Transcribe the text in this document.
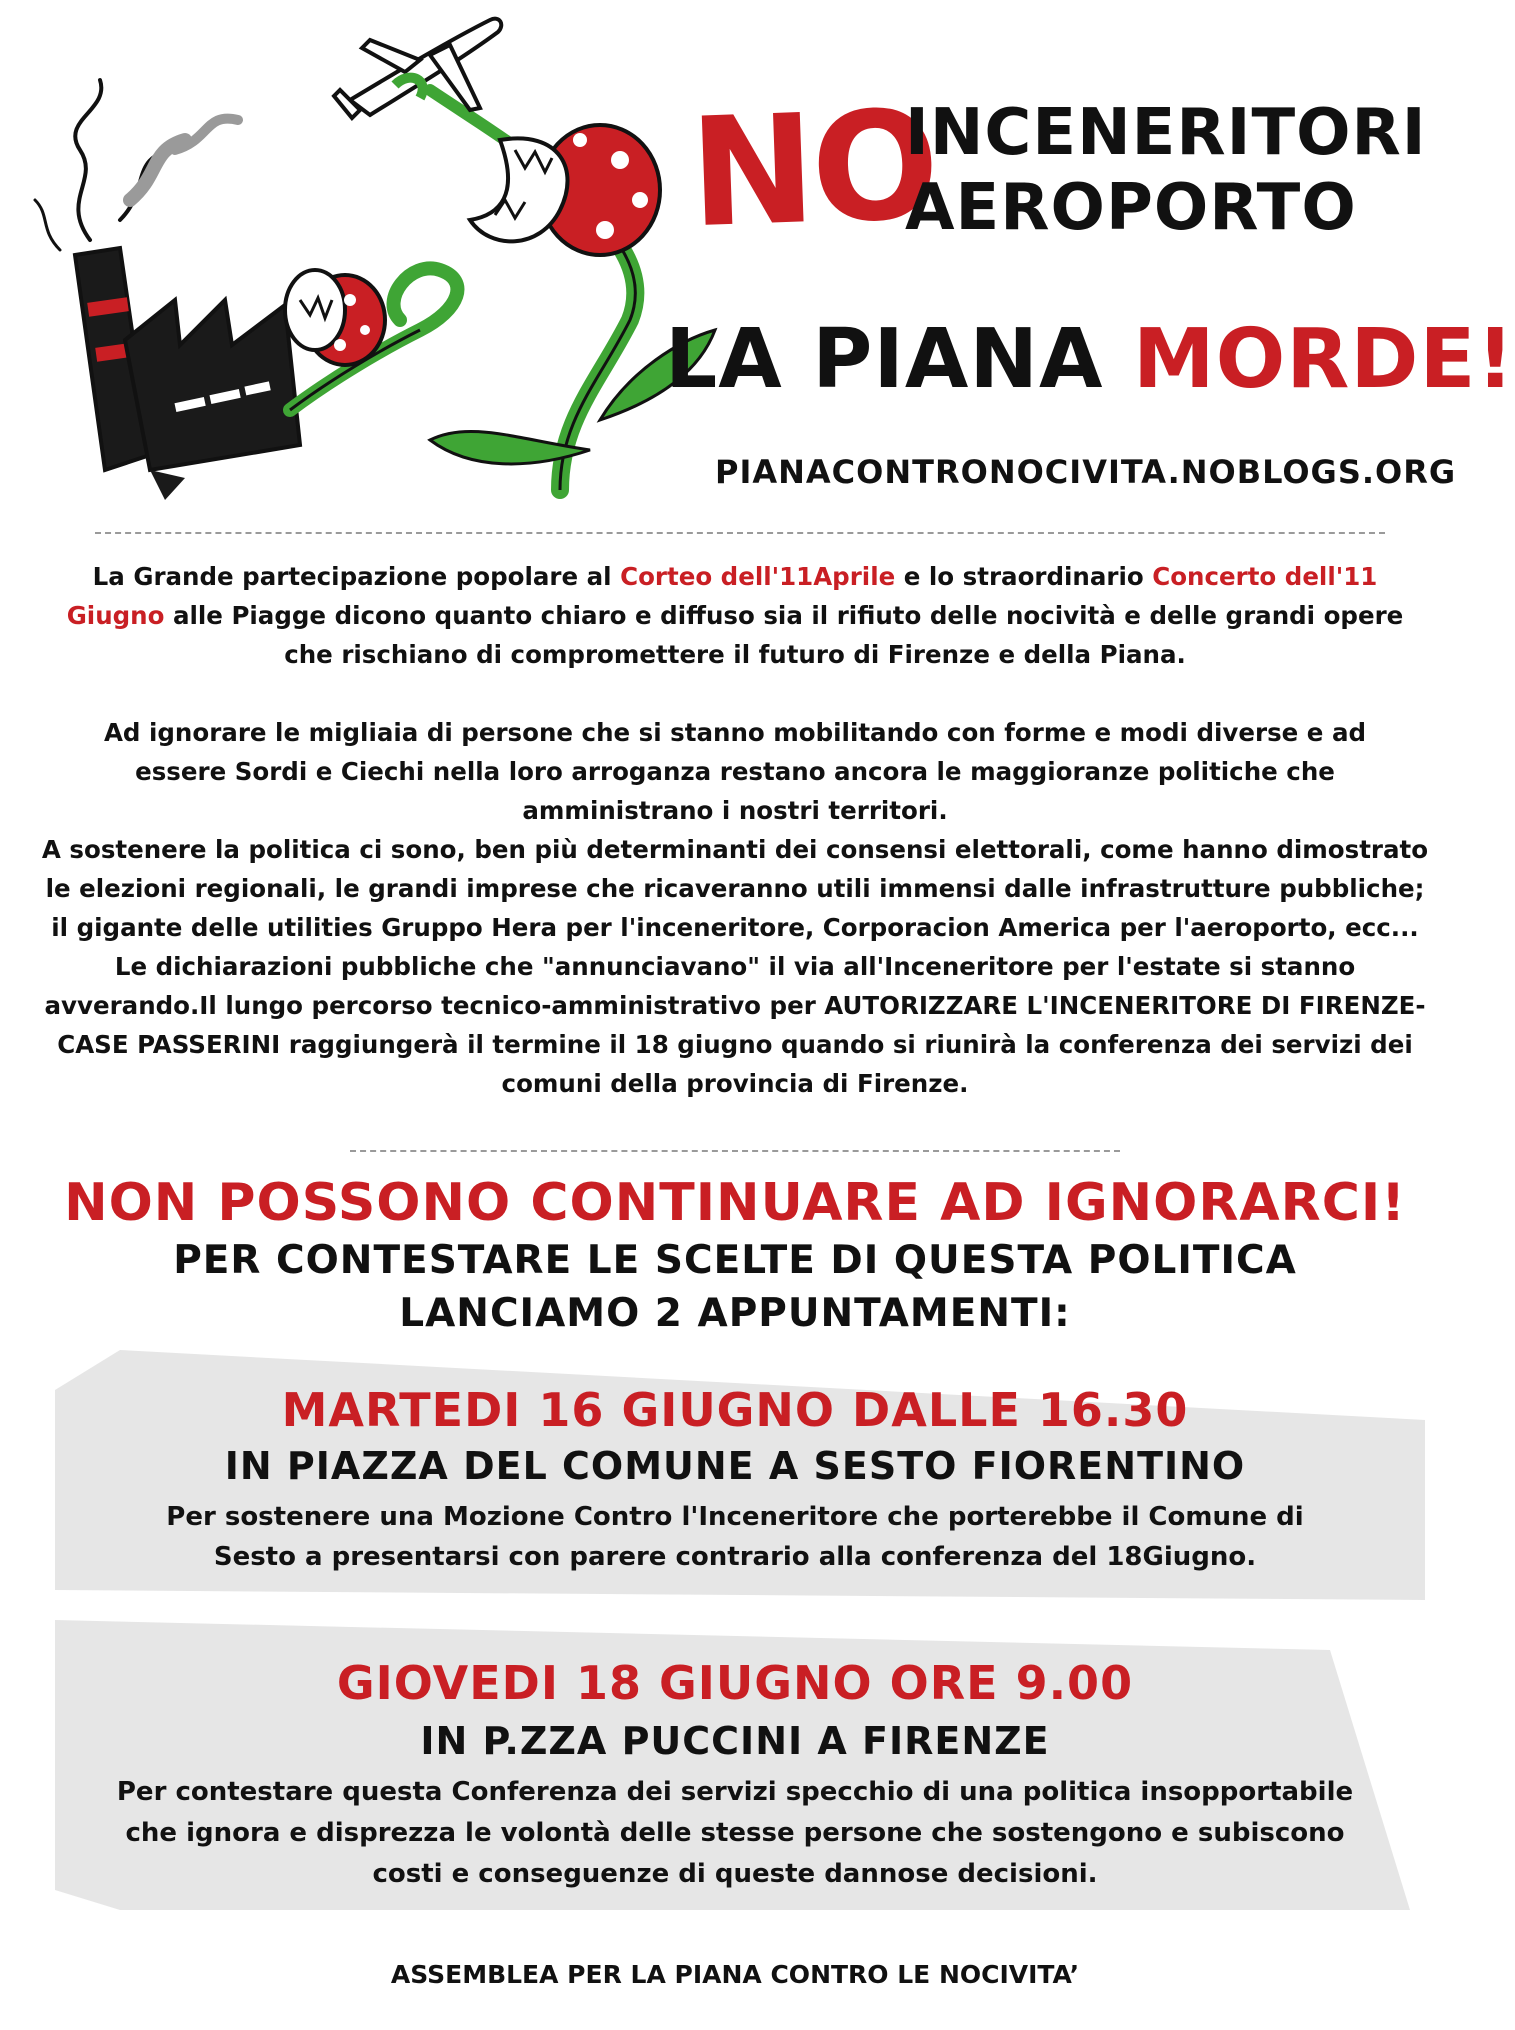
NO
INCENERITORI
AEROPORTO
LA PIANA MORDE!
PIANACONTRONOCIVITA.NOBLOGS.ORG

La Grande partecipazione popolare al Corteo dell'11Aprile e lo straordinario Concerto dell'11 Giugno alle Piagge dicono quanto chiaro e diffuso sia il rifiuto delle nocività e delle grandi opere che rischiano di compromettere il futuro di Firenze e della Piana.

Ad ignorare le migliaia di persone che si stanno mobilitando con forme e modi diverse e ad essere Sordi e Ciechi nella loro arroganza restano ancora le maggioranze politiche che amministrano i nostri territori.

A sostenere la politica ci sono, ben più determinanti dei consensi elettorali, come hanno dimostrato le elezioni regionali, le grandi imprese che ricaveranno utili immensi dalle infrastrutture pubbliche; il gigante delle utilities Gruppo Hera per l'inceneritore, Corporacion America per l'aeroporto, ecc...

Le dichiarazioni pubbliche che "annunciavano" il via all'Inceneritore per l'estate si stanno avverando.Il lungo percorso tecnico-amministrativo per AUTORIZZARE L'INCENERITORE DI FIRENZE-CASE PASSERINI raggiungerà il termine il 18 giugno quando si riunirà la conferenza dei servizi dei comuni della provincia di Firenze.

NON POSSONO CONTINUARE AD IGNORARCI!
PER CONTESTARE LE SCELTE DI QUESTA POLITICA
LANCIAMO 2 APPUNTAMENTI:
MARTEDI 16 GIUGNO DALLE 16.30
IN PIAZZA DEL COMUNE A SESTO FIORENTINO
Per sostenere una Mozione Contro l'Inceneritore che porterebbe il Comune di Sesto a presentarsi con parere contrario alla conferenza del 18Giugno.
GIOVEDI 18 GIUGNO ORE 9.00
IN P.ZZA PUCCINI A FIRENZE
Per contestare questa Conferenza dei servizi specchio di una politica insopportabile che ignora e disprezza le volontà delle stesse persone che sostengono e subiscono costi e conseguenze di queste dannose decisioni.
ASSEMBLEA PER LA PIANA CONTRO LE NOCIVITA’
